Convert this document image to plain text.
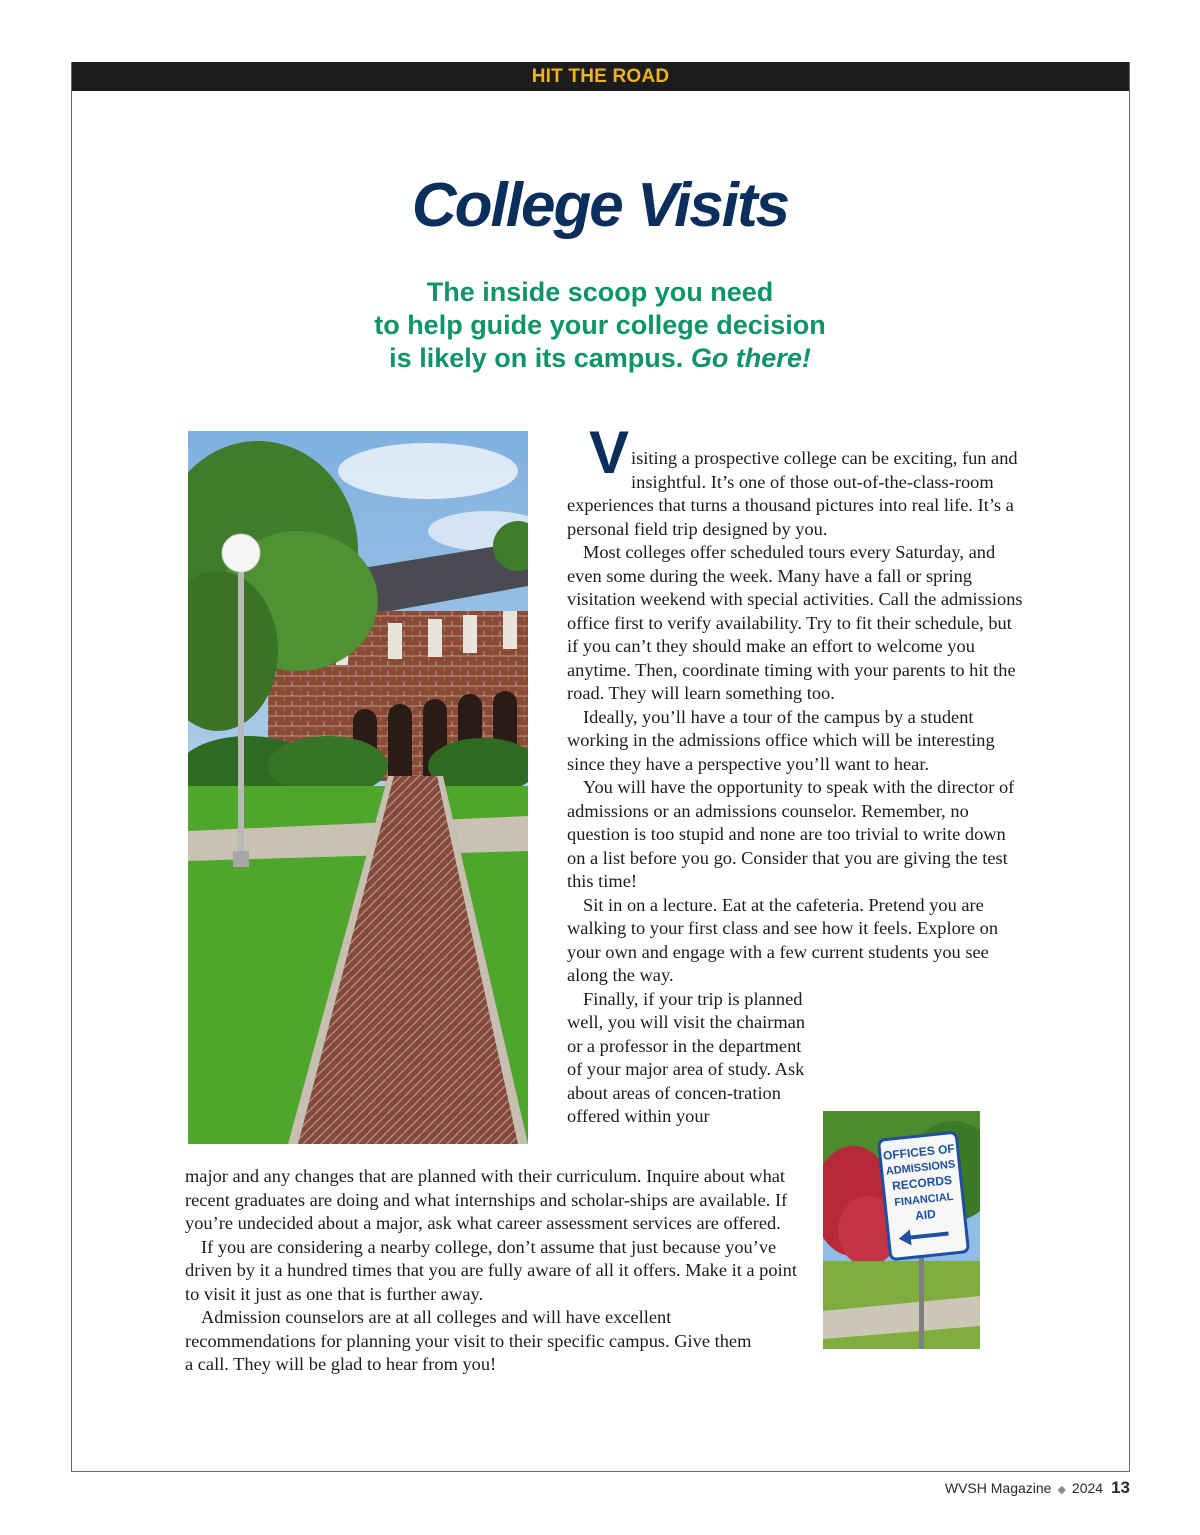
HIT THE ROAD
College Visits
The inside scoop you need
to help guide your college decision
is likely on its campus. Go there!
OFFICES OF
ADMISSIONS
RECORDS
FINANCIAL
AID

V isiting a prospective college can be exciting, fun and insightful. It’s one of those out-of-the-class-room experiences that turns a thousand pictures into real life. It’s a personal field trip designed by you.

Most colleges offer scheduled tours every Saturday, and even some during the week. Many have a fall or spring visitation weekend with special activities. Call the admissions office first to verify availability. Try to fit their schedule, but if you can’t they should make an effort to welcome you anytime. Then, coordinate timing with your parents to hit the road. They will learn something too.

Ideally, you’ll have a tour of the campus by a student working in the admissions office which will be interesting since they have a perspective you’ll want to hear.

You will have the opportunity to speak with the director of admissions or an admissions counselor. Remember, no question is too stupid and none are too trivial to write down on a list before you go. Consider that you are giving the test this time!

Sit in on a lecture. Eat at the cafeteria. Pretend you are walking to your first class and see how it feels. Explore on your own and engage with a few current students you see along the way.

Finally, if your trip is planned well, you will visit the chairman or a professor in the department of your major area of study. Ask about areas of concen-tration offered within your

major and any changes that are planned with their curriculum. Inquire about what recent graduates are doing and what internships and scholar-ships are available. If you’re undecided about a major, ask what career assessment services are offered.

If you are considering a nearby college, don’t assume that just because you’ve driven by it a hundred times that you are fully aware of all it offers. Make it a point to visit it just as one that is further away.

Admission counselors are at all colleges and will have excellent recommendations for planning your visit to their specific campus. Give them a call. They will be glad to hear from you!

WVSH Magazine ◆ 2024 13
